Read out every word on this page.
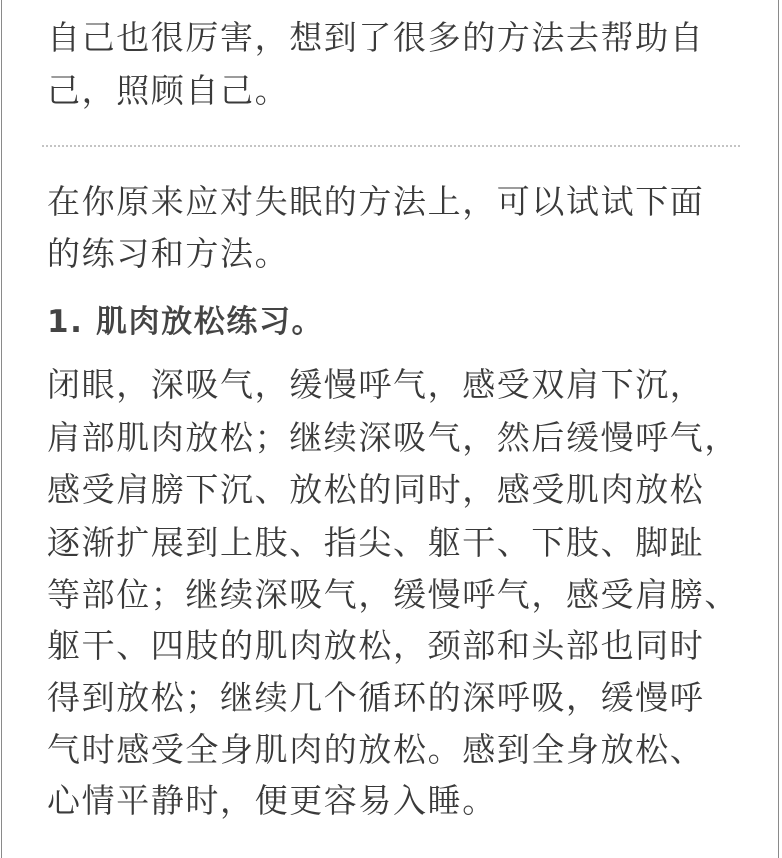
自己也很厉害，想到了很多的方法去帮助自
己，照顾自己。
在你原来应对失眠的方法上，可以试试下面
的练习和方法。
1. 肌肉放松练习。
闭眼，深吸气，缓慢呼气，感受双肩下沉，
肩部肌肉放松；继续深吸气，然后缓慢呼气，
感受肩膀下沉、放松的同时，感受肌肉放松
逐渐扩展到上肢、指尖、躯干、下肢、脚趾
等部位；继续深吸气，缓慢呼气，感受肩膀、
躯干、四肢的肌肉放松，颈部和头部也同时
得到放松；继续几个循环的深呼吸，缓慢呼
气时感受全身肌肉的放松。感到全身放松、
心情平静时，便更容易入睡。
